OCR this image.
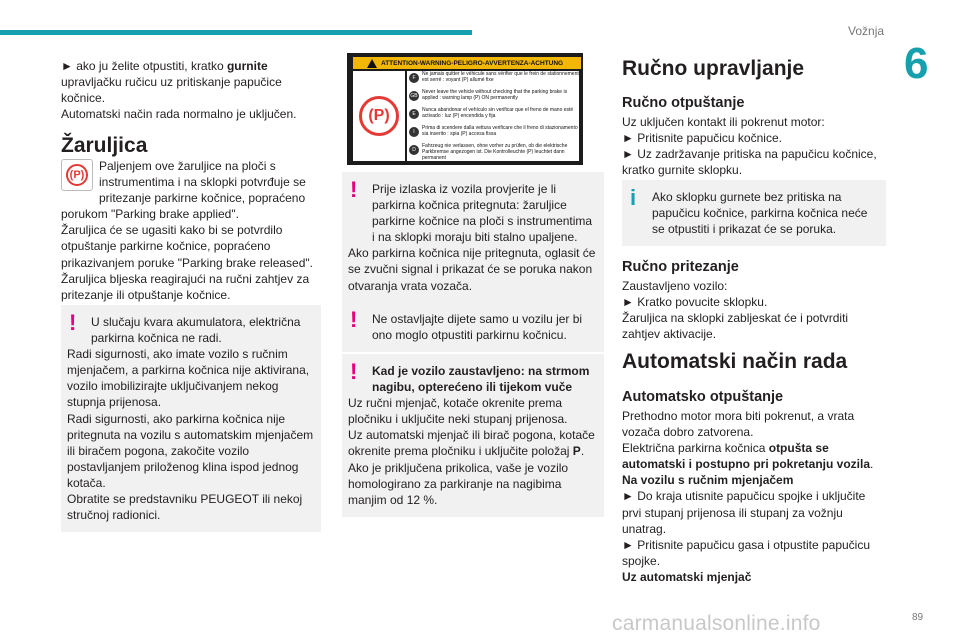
Vožnja
6

► ako ju želite otpustiti, kratko gurnite upravljačku ručicu uz pritiskanje papučice kočnice.

Automatski način rada normalno je uključen.

Žaruljica
(P)

Paljenjem ove žaruljice na ploči s instrumentima i na sklopki potvrđuje se pritezanje parkirne kočnice, popraćeno porukom "Parking brake applied".

Žaruljica će se ugasiti kako bi se potvrdilo otpuštanje parkirne kočnice, popraćeno prikazivanjem poruke "Parking brake released".

Žaruljica bljeska reagirajući na ručni zahtjev za pritezanje ili otpuštanje kočnice.

!	U slučaju kvara akumulatora, električna parkirna kočnica ne radi.

Radi sigurnosti, ako imate vozilo s ručnim mjenjačem, a parkirna kočnica nije aktivirana, vozilo imobilizirajte uključivanjem nekog stupnja prijenosa.

Radi sigurnosti, ako parkirna kočnica nije pritegnuta na vozilu s automatskim mjenjačem ili biračem pogona, zakočite vozilo postavljanjem priloženog klina ispod jednog kotača.

Obratite se predstavniku PEUGEOT ili nekoj stručnoj radionici.

ATTENTION-WARNING-PELIGRO-AVVERTENZA-ACHTUNG
(P)
F
Ne jamais quitter le véhicule sans vérifier que le frein de stationnement est serré : voyant (P) allumé fixe
GB
Never leave the vehicle without checking that the parking brake is applied : warning lamp (P) ON permanently
E
Nunca abandonar el vehículo sin verificar que el freno de mano esté activado : luz (P) encendida y fija
I
Prima di scendere dalla vettura verificare che il freno di stazionamento sia inserito : spia (P) accesa fissa
D
Fahrzeug nie verlassen, ohne vorher zu prüfen, ob die elektrische Parkbremse angezogen ist. Die Kontrolleuchte (P) leuchtet dann permanent
!	Prije izlaska iz vozila provjerite je li parkirna kočnica pritegnuta: žaruljice parkirne kočnice na ploči s instrumentima i na sklopki moraju biti stalno upaljene.

Ako parkirna kočnica nije pritegnuta, oglasit će se zvučni signal i prikazat će se poruka nakon otvaranja vrata vozača.

!	Ne ostavljajte dijete samo u vozilu jer bi ono moglo otpustiti parkirnu kočnicu.

!	Kad je vozilo zaustavljeno: na strmom nagibu, opterećeno ili tijekom vuče

Uz ručni mjenjač, kotače okrenite prema pločniku i uključite neki stupanj prijenosa.

Uz automatski mjenjač ili birač pogona, kotače okrenite prema pločniku i uključite položaj P.

Ako je priključena prikolica, vaše je vozilo homologirano za parkiranje na nagibima manjim od 12 %.

Ručno upravljanje
Ručno otpuštanje

Uz uključen kontakt ili pokrenut motor:

► Pritisnite papučicu kočnice.

► Uz zadržavanje pritiska na papučicu kočnice, kratko gurnite sklopku.

i	Ako sklopku gurnete bez pritiska na papučicu kočnice, parkirna kočnica neće se otpustiti i prikazat će se poruka.

Ručno pritezanje

Zaustavljeno vozilo:

► Kratko povucite sklopku.

Žaruljica na sklopki zabljeskat će i potvrditi zahtjev aktivacije.

Automatski način rada
Automatsko otpuštanje

Prethodno motor mora biti pokrenut, a vrata vozača dobro zatvorena.

Električna parkirna kočnica otpušta se automatski i postupno pri pokretanju vozila.

Na vozilu s ručnim mjenjačem

► Do kraja utisnite papučicu spojke i uključite prvi stupanj prijenosa ili stupanj za vožnju unatrag.

► Pritisnite papučicu gasa i otpustite papučicu spojke.

Uz automatski mjenjač

carmanualsonline.info	89
